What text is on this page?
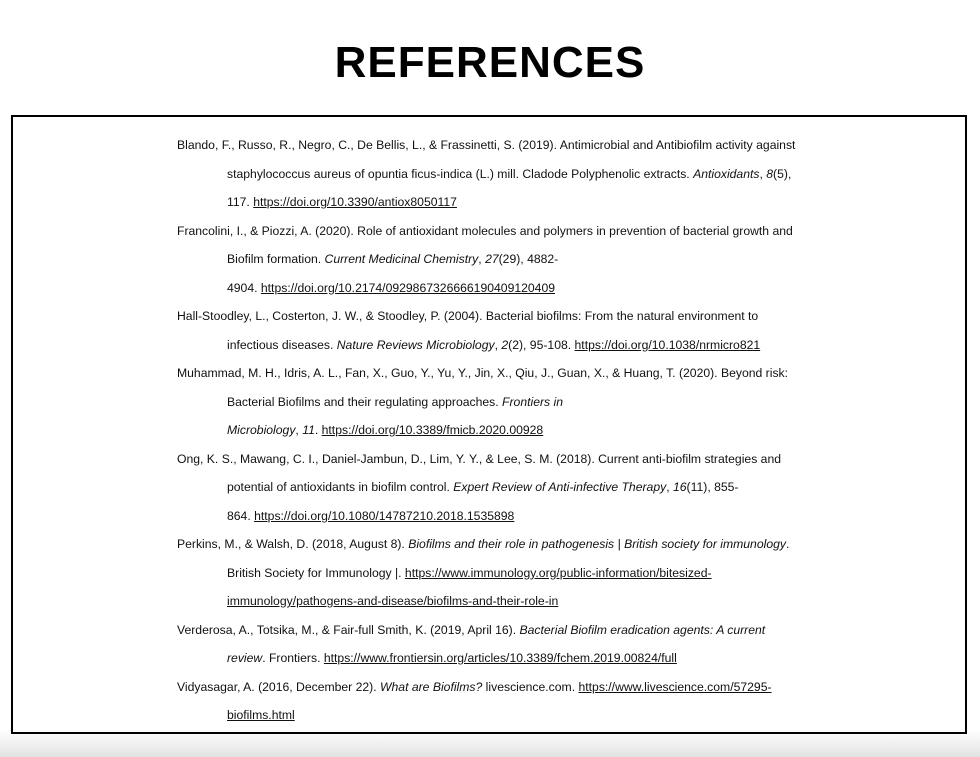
REFERENCES
Blando, F., Russo, R., Negro, C., De Bellis, L., & Frassinetti, S. (2019). Antimicrobial and Antibiofilm activity against
staphylococcus aureus of opuntia ficus-indica (L.) mill. Cladode Polyphenolic extracts. Antioxidants, 8(5),
117. https://doi.org/10.3390/antiox8050117
Francolini, I., & Piozzi, A. (2020). Role of antioxidant molecules and polymers in prevention of bacterial growth and
Biofilm formation. Current Medicinal Chemistry, 27(29), 4882-
4904. https://doi.org/10.2174/0929867326666190409120409
Hall-Stoodley, L., Costerton, J. W., & Stoodley, P. (2004). Bacterial biofilms: From the natural environment to
infectious diseases. Nature Reviews Microbiology, 2(2), 95-108. https://doi.org/10.1038/nrmicro821
Muhammad, M. H., Idris, A. L., Fan, X., Guo, Y., Yu, Y., Jin, X., Qiu, J., Guan, X., & Huang, T. (2020). Beyond risk:
Bacterial Biofilms and their regulating approaches. Frontiers in
Microbiology, 11. https://doi.org/10.3389/fmicb.2020.00928
Ong, K. S., Mawang, C. I., Daniel-Jambun, D., Lim, Y. Y., & Lee, S. M. (2018). Current anti-biofilm strategies and
potential of antioxidants in biofilm control. Expert Review of Anti-infective Therapy, 16(11), 855-
864. https://doi.org/10.1080/14787210.2018.1535898
Perkins, M., & Walsh, D. (2018, August 8). Biofilms and their role in pathogenesis | British society for immunology.
British Society for Immunology |. https://www.immunology.org/public-information/bitesized-
immunology/pathogens-and-disease/biofilms-and-their-role-in
Verderosa, A., Totsika, M., & Fair-full Smith, K. (2019, April 16). Bacterial Biofilm eradication agents: A current
review. Frontiers. https://www.frontiersin.org/articles/10.3389/fchem.2019.00824/full
Vidyasagar, A. (2016, December 22). What are Biofilms? livescience.com. https://www.livescience.com/57295-
biofilms.html
